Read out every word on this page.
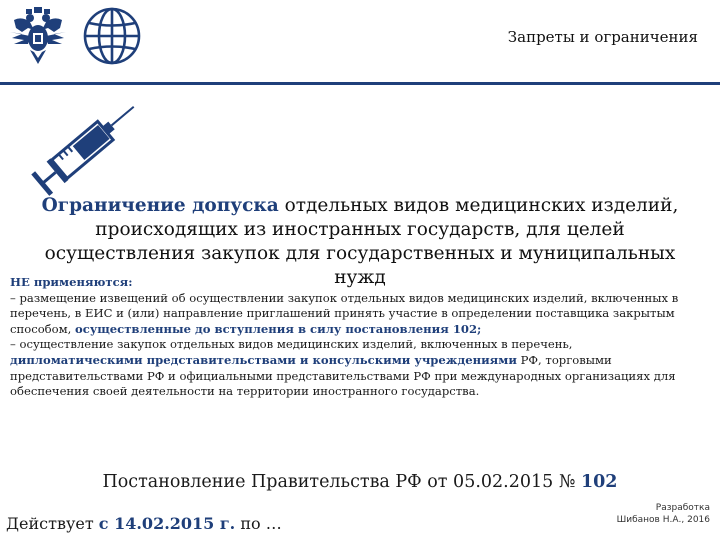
Запреты и ограничения
Ограничение допуска отдельных видов медицинских изделий, происходящих из иностранных государств, для целей осуществления закупок для государственных и муниципальных нужд
НЕ применяются:
– размещение извещений об осуществлении закупок отдельных видов медицинских изделий, включенных в перечень, в ЕИС и (или) направление приглашений принять участие в определении поставщика закрытым способом, осуществленные до вступления в силу постановления 102;
– осуществление закупок отдельных видов медицинских изделий, включенных в перечень, дипломатическими представительствами и консульскими учреждениями РФ, торговыми представительствами РФ и официальными представительствами РФ при международных организациях для обеспечения своей деятельности на территории иностранного государства.
Постановление Правительства РФ от 05.02.2015 № 102
Действует с 14.02.2015 г. по …
Разработка
Шибанов Н.А., 2016
